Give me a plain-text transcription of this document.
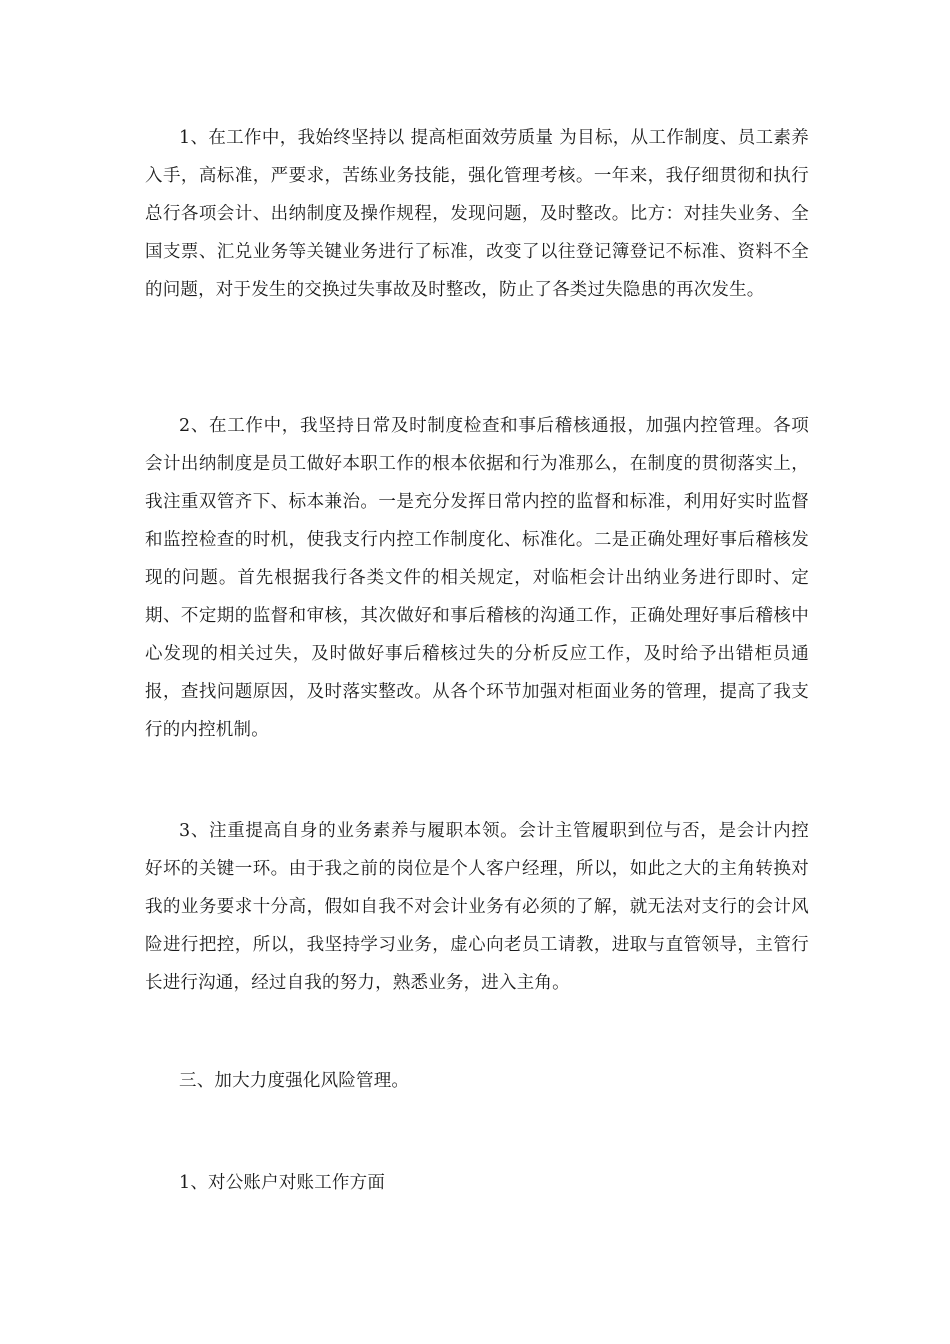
1、在工作中，我始终坚持以 提高柜面效劳质量 为目标，从工作制度、员工素养入手，高标准，严要求，苦练业务技能，强化管理考核。一年来，我仔细贯彻和执行总行各项会计、出纳制度及操作规程，发现问题，及时整改。比方：对挂失业务、全国支票、汇兑业务等关键业务进行了标准，改变了以往登记簿登记不标准、资料不全的问题，对于发生的交换过失事故及时整改，防止了各类过失隐患的再次发生。

2、在工作中，我坚持日常及时制度检查和事后稽核通报，加强内控管理。各项会计出纳制度是员工做好本职工作的根本依据和行为准那么，在制度的贯彻落实上，我注重双管齐下、标本兼治。一是充分发挥日常内控的监督和标准，利用好实时监督和监控检查的时机，使我支行内控工作制度化、标准化。二是正确处理好事后稽核发现的问题。首先根据我行各类文件的相关规定，对临柜会计出纳业务进行即时、定期、不定期的监督和审核，其次做好和事后稽核的沟通工作，正确处理好事后稽核中心发现的相关过失，及时做好事后稽核过失的分析反应工作，及时给予出错柜员通报，查找问题原因，及时落实整改。从各个环节加强对柜面业务的管理，提高了我支行的内控机制。

3、注重提高自身的业务素养与履职本领。会计主管履职到位与否，是会计内控好坏的关键一环。由于我之前的岗位是个人客户经理，所以，如此之大的主角转换对我的业务要求十分高，假如自我不对会计业务有必须的了解，就无法对支行的会计风险进行把控，所以，我坚持学习业务，虚心向老员工请教，进取与直管领导，主管行长进行沟通，经过自我的努力，熟悉业务，进入主角。

三、加大力度强化风险管理。

1、对公账户对账工作方面
